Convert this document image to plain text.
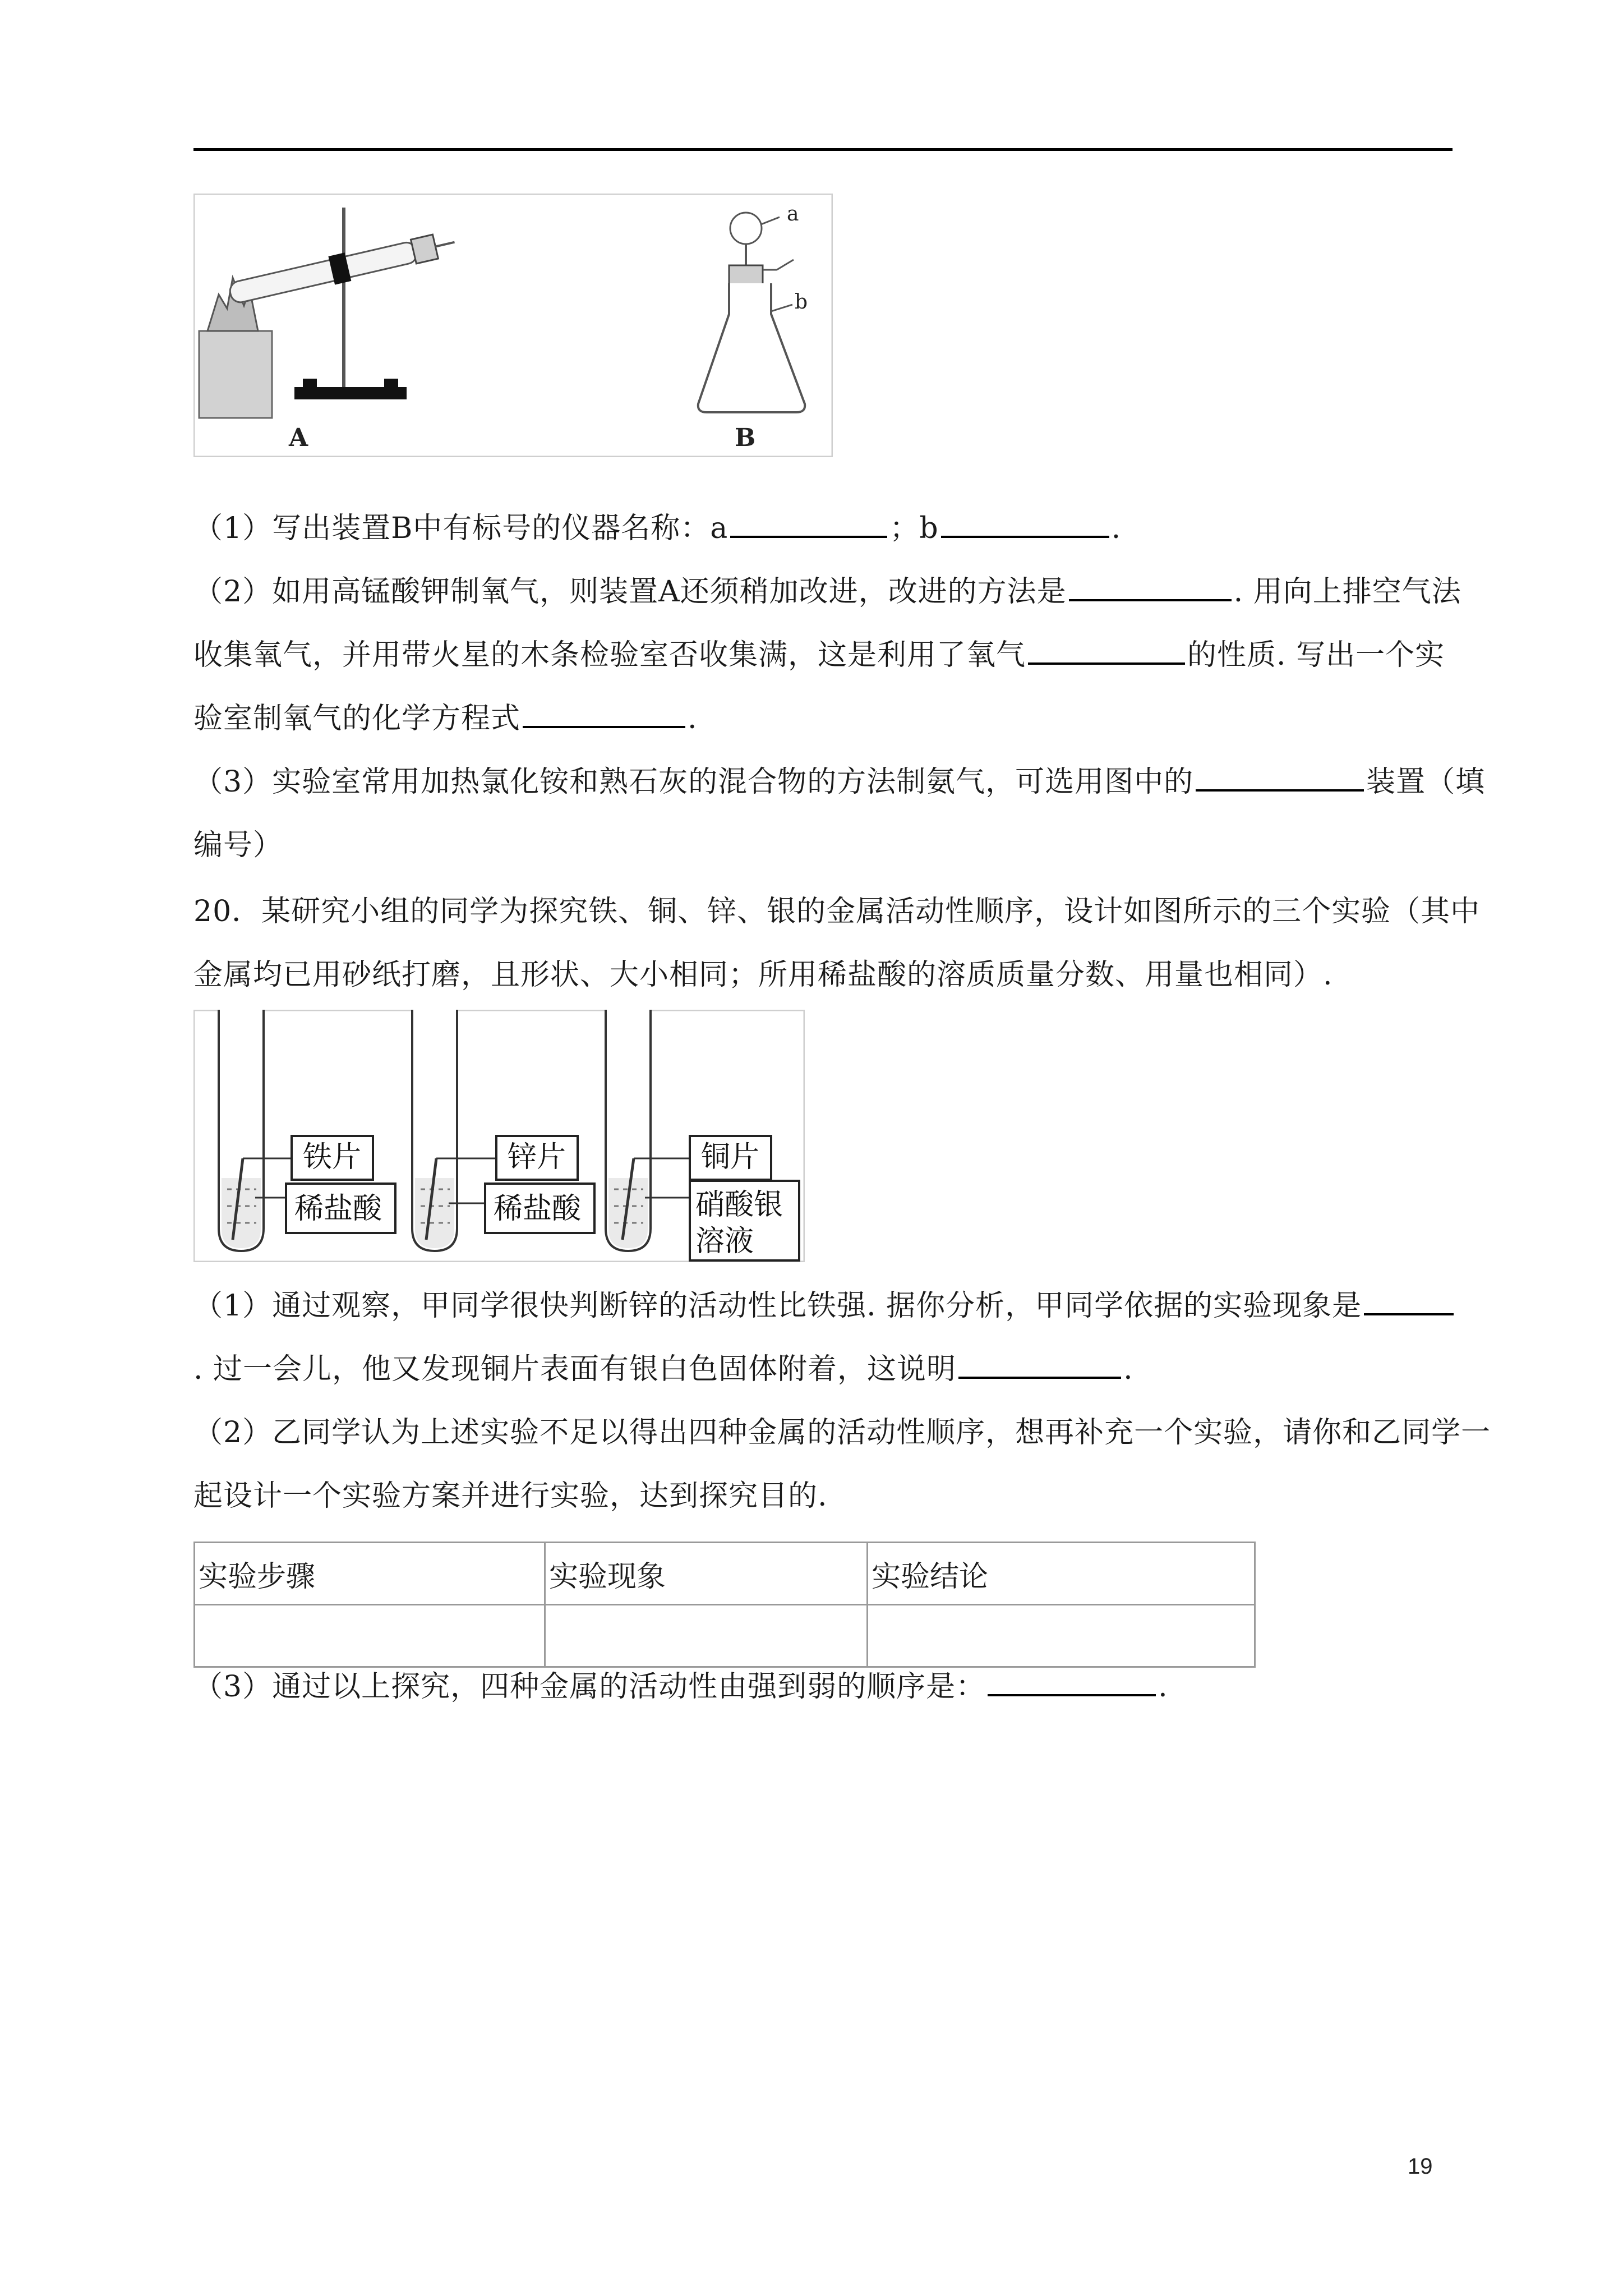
A
a
b
B
（1）写出装置B中有标号的仪器名称：a	；b	.
（2）如用高锰酸钾制氧气，则装置A还须稍加改进，改进的方法是	. 用向上排空气法
收集氧气，并用带火星的木条检验室否收集满，这是利用了氧气	的性质. 写出一个实
验室制氧气的化学方程式	.
（3）实验室常用加热氯化铵和熟石灰的混合物的方法制氨气，可选用图中的	装置（填
编号）
20．某研究小组的同学为探究铁、铜、锌、银的金属活动性顺序，设计如图所示的三个实验（其中
金属均已用砂纸打磨，且形状、大小相同；所用稀盐酸的溶质质量分数、用量也相同）.
铁片
稀盐酸
锌片
稀盐酸
铜片
硝酸银
溶液
（1）通过观察，甲同学很快判断锌的活动性比铁强. 据你分析，甲同学依据的实验现象是
. 过一会儿，他又发现铜片表面有银白色固体附着，这说明	.
（2）乙同学认为上述实验不足以得出四种金属的活动性顺序，想再补充一个实验，请你和乙同学一
起设计一个实验方案并进行实验，达到探究目的.
实验步骤	实验现象	实验结论

（3）通过以上探究，四种金属的活动性由强到弱的顺序是：	.
19
